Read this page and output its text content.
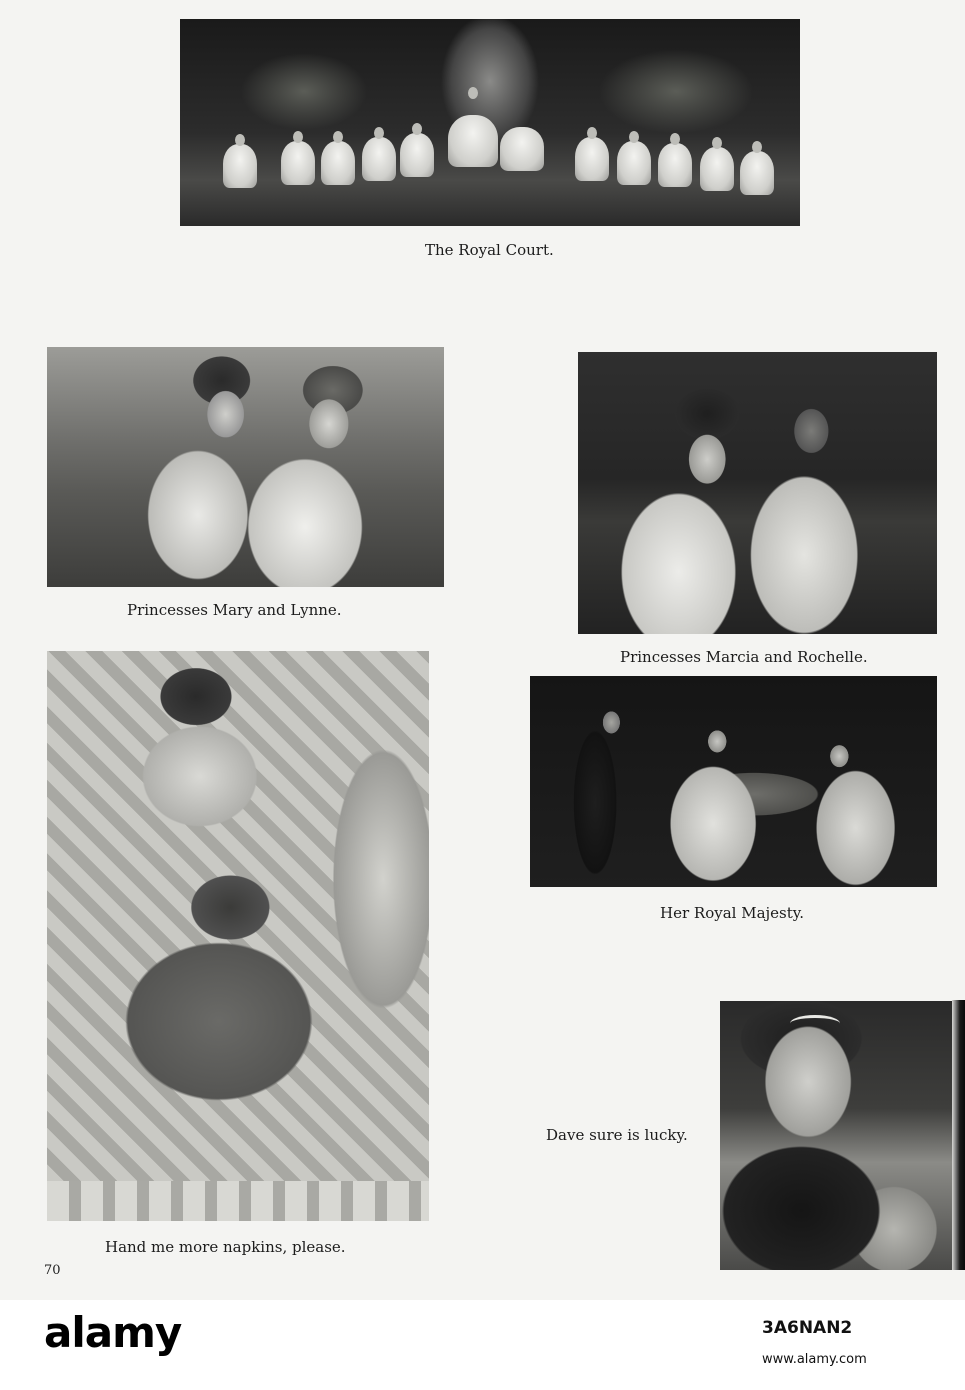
The Royal Court.
Princesses Mary and Lynne.
Princesses Marcia and Rochelle.
Hand me more napkins, please.
Her Royal Majesty.
Dave sure is lucky.
70
alamy	3A6NAN2
www.alamy.com
